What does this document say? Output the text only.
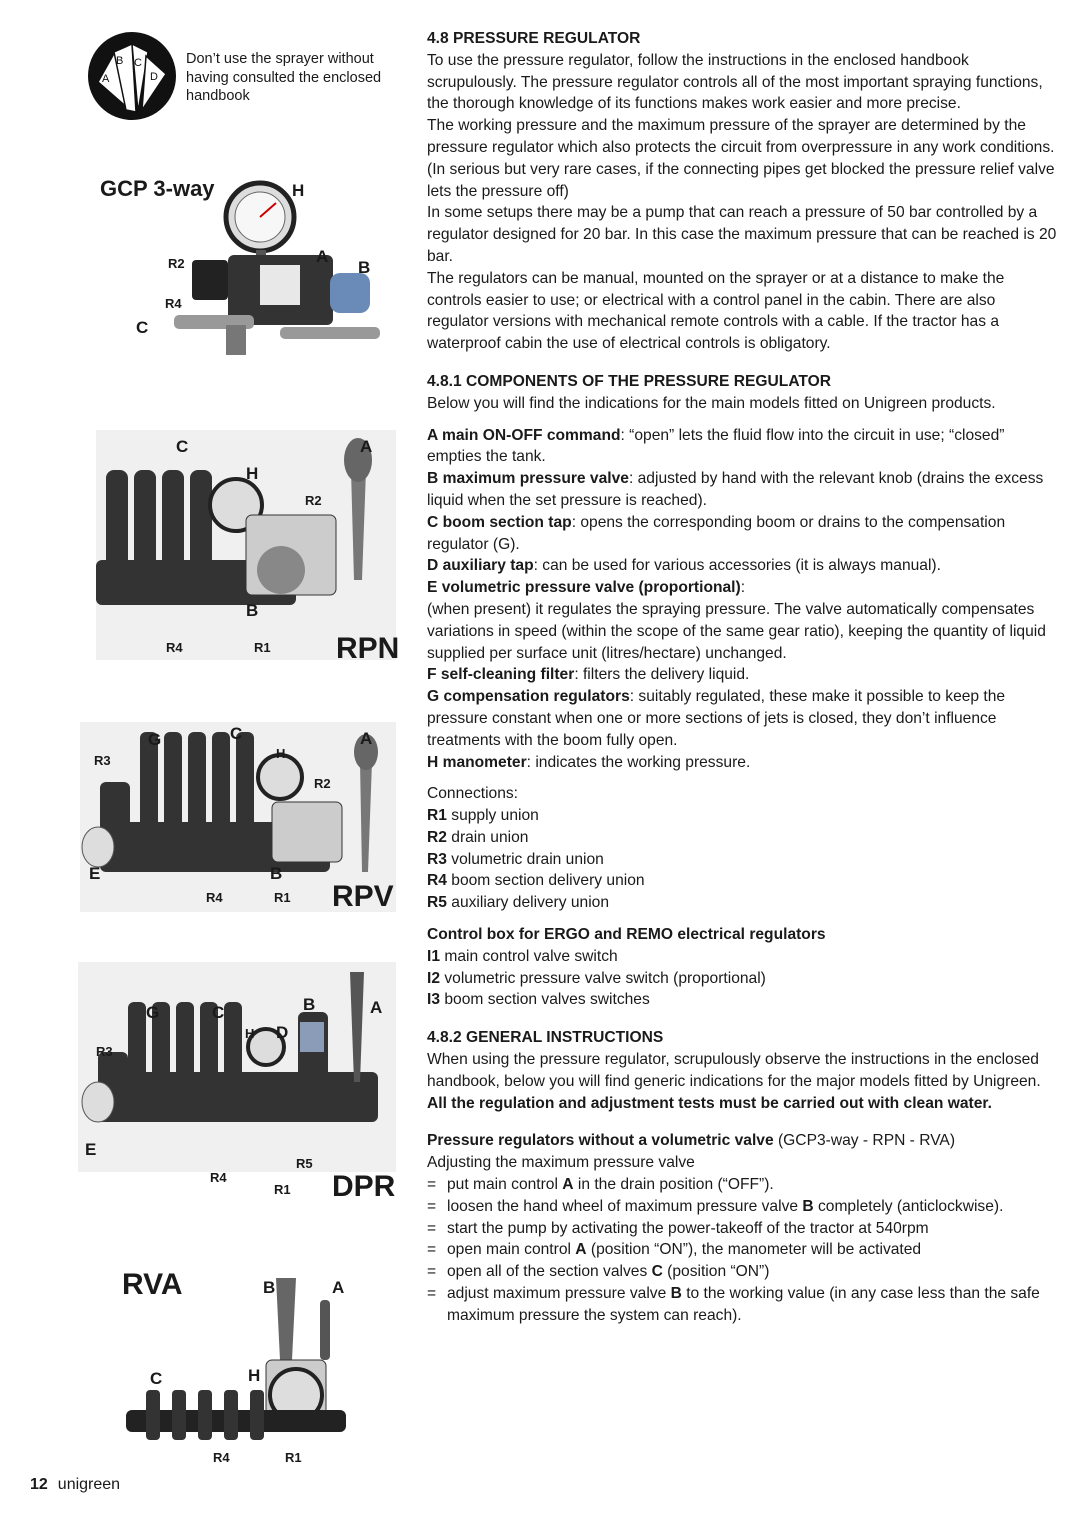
A
B C
D
Don’t use the sprayer without having consulted the enclosed handbook
GCP 3-way	H
R2	A
B
R4
C
C	A
H
R2
B
R4	R1 RPN
G	C	A
R3	H
R2
E	B
R4	R1 RPV
G	C	B	A
H D
R3
E
R5
R4
R1 DPR
RVA	B	A
C	H
R4	R1
12 unigreen

4.8 PRESSURE REGULATOR

To use the pressure regulator, follow the instructions in the enclosed handbook scrupulously. The pressure regulator controls all of the most important spraying functions, the thorough knowledge of its functions makes work easier and more precise.

The working pressure and the maximum pressure of the sprayer are determined by the pressure regulator which also protects the circuit from overpressure in any work conditions. (In serious but very rare cases, if the connecting pipes get blocked the pressure relief valve lets the pressure off)

In some setups there may be a pump that can reach a pressure of 50 bar controlled by a regulator designed for 20 bar. In this case the maximum pressure that can be reached is 20 bar.

The regulators can be manual, mounted on the sprayer or at a distance to make the controls easier to use; or electrical with a control panel in the cabin. There are also regulator versions with mechanical remote controls with a cable. If the tractor has a waterproof cabin the use of electrical controls is obligatory.

4.8.1 COMPONENTS OF THE PRESSURE REGULATOR

Below you will find the indications for the main models fitted on Unigreen products.

A main ON-OFF command: “open” lets the fluid flow into the circuit in use; “closed” empties the tank.

B maximum pressure valve: adjusted by hand with the relevant knob (drains the excess liquid when the set pressure is reached).

C boom section tap: opens the corresponding boom or drains to the compensation regulator (G).

D auxiliary tap: can be used for various accessories (it is always manual).

E volumetric pressure valve (proportional):

(when present) it regulates the spraying pressure. The valve automatically compensates variations in speed (within the scope of the same gear ratio), keeping the quantity of liquid supplied per surface unit (litres/hectare) unchanged.

F self-cleaning filter: filters the delivery liquid.

G compensation regulators: suitably regulated, these make it possible to keep the pressure constant when one or more sections of jets is closed, they don’t influence treatments with the boom fully open.

H manometer: indicates the working pressure.

Connections:

R1 supply union

R2 drain union

R3 volumetric drain union

R4 boom section delivery union

R5 auxiliary delivery union

Control box for ERGO and REMO electrical regulators

I1 main control valve switch

I2 volumetric pressure valve switch (proportional)

I3 boom section valves switches

4.8.2 GENERAL INSTRUCTIONS

When using the pressure regulator, scrupulously observe the instructions in the enclosed handbook, below you will find generic indications for the major models fitted by Unigreen.

All the regulation and adjustment tests must be carried out with clean water.

Pressure regulators without a volumetric valve (GCP3-way - RPN - RVA)

Adjusting the maximum pressure valve

= put main control A in the drain position (“OFF”).

= loosen the hand wheel of maximum pressure valve B completely (anticlockwise).

= start the pump by activating the power-takeoff of the tractor at 540rpm

= open main control A (position “ON”), the manometer will be activated

= open all of the section valves C (position “ON”)

= adjust maximum pressure valve B to the working value (in any case less than the safe maximum pressure the system can reach).
